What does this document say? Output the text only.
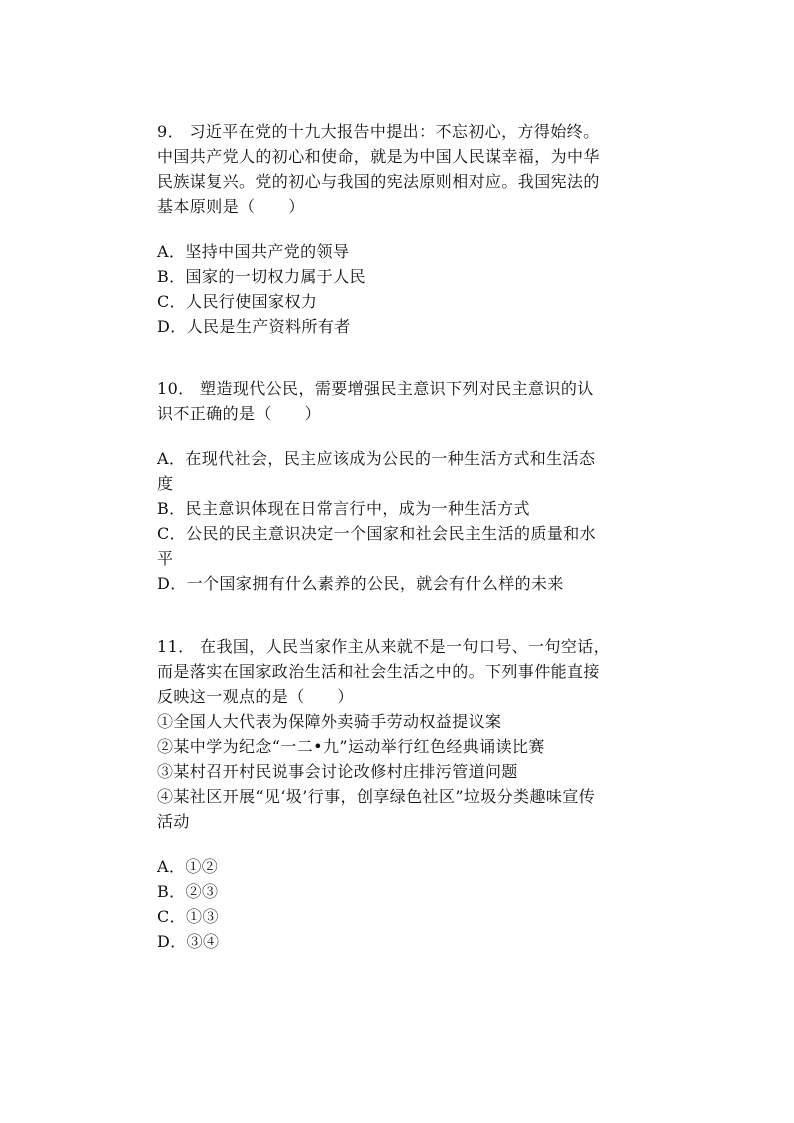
9． 习近平在党的十九大报告中提出：不忘初心，方得始终。
中国共产党人的初心和使命，就是为中国人民谋幸福，为中华
民族谋复兴。党的初心与我国的宪法原则相对应。我国宪法的
基本原则是（　　）
A．坚持中国共产党的领导
B．国家的一切权力属于人民
C．人民行使国家权力
D．人民是生产资料所有者
10． 塑造现代公民，需要增强民主意识下列对民主意识的认
识不正确的是（　　）
A．在现代社会，民主应该成为公民的一种生活方式和生活态
度
B．民主意识体现在日常言行中，成为一种生活方式
C．公民的民主意识决定一个国家和社会民主生活的质量和水
平
D．一个国家拥有什么素养的公民，就会有什么样的未来
11． 在我国，人民当家作主从来就不是一句口号、一句空话，
而是落实在国家政治生活和社会生活之中的。下列事件能直接
反映这一观点的是（　　）
①全国人大代表为保障外卖骑手劳动权益提议案
②某中学为纪念“一二•九”运动举行红色经典诵读比赛
③某村召开村民说事会讨论改修村庄排污管道问题
④某社区开展“见‘圾’行事，创享绿色社区”垃圾分类趣味宣传
活动
A．①②
B．②③
C．①③
D．③④
